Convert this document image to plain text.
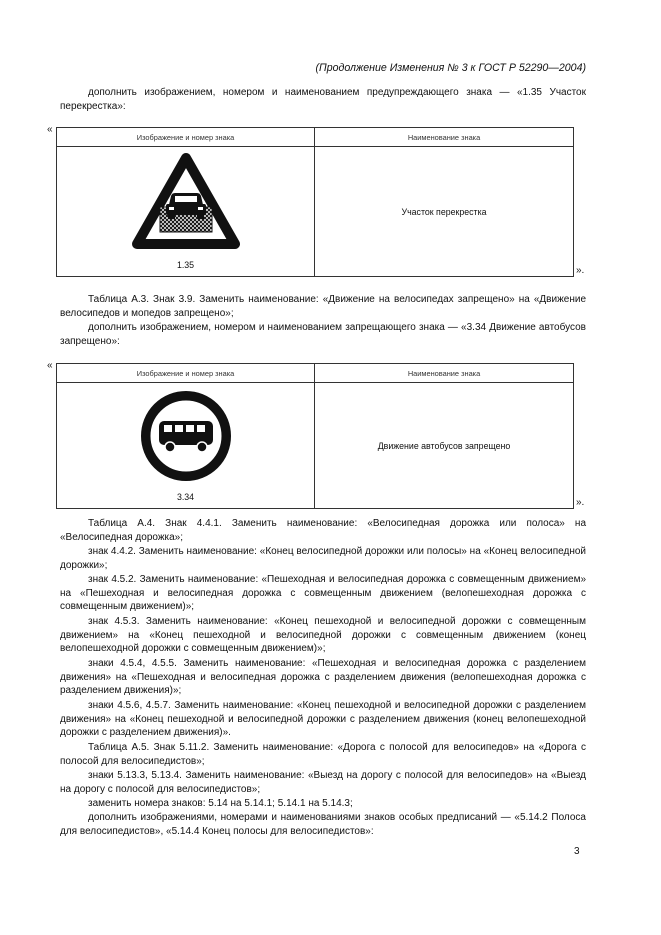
(Продолжение Изменения № 3 к ГОСТ Р 52290—2004)

дополнить изображением, номером и наименованием предупреждающего знака — «1.35 Участок перекрестка»:

«
Изображение и номер знака	Наименование знака

1.35	Участок перекрестка
».

Таблица А.3. Знак 3.9. Заменить наименование: «Движение на велосипедах запрещено» на «Движение велосипедов и мопедов запрещено»;

дополнить изображением, номером и наименованием запрещающего знака — «3.34 Движение автобусов запрещено»:

«
Изображение и номер знака	Наименование знака

3.34	Движение автобусов запрещено
».

Таблица А.4. Знак 4.4.1. Заменить наименование: «Велосипедная дорожка или полоса» на «Велосипедная дорожка»;

знак 4.4.2. Заменить наименование: «Конец велосипедной дорожки или полосы» на «Конец велосипедной дорожки»;

знак 4.5.2. Заменить наименование: «Пешеходная и велосипедная дорожка с совмещенным движением» на «Пешеходная и велосипедная дорожка с совмещенным движением (велопешеходная дорожка с совмещенным движением)»;

знак 4.5.3. Заменить наименование: «Конец пешеходной и велосипедной дорожки с совмещенным движением» на «Конец пешеходной и велосипедной дорожки с совмещенным движением (конец велопешеходной дорожки с совмещенным движением)»;

знаки 4.5.4, 4.5.5. Заменить наименование: «Пешеходная и велосипедная дорожка с разделением движения» на «Пешеходная и велосипедная дорожка с разделением движения (велопешеходная дорожка с разделением движения)»;

знаки 4.5.6, 4.5.7. Заменить наименование: «Конец пешеходной и велосипедной дорожки с разделением движения» на «Конец пешеходной и велосипедной дорожки с разделением движения (конец велопешеходной дорожки с разделением движения)».

Таблица А.5. Знак 5.11.2. Заменить наименование: «Дорога с полосой для велосипедов» на «Дорога с полосой для велосипедистов»;

знаки 5.13.3, 5.13.4. Заменить наименование: «Выезд на дорогу с полосой для велосипедов» на «Выезд на дорогу с полосой для велосипедистов»;

заменить номера знаков: 5.14 на 5.14.1; 5.14.1 на 5.14.3;

дополнить изображениями, номерами и наименованиями знаков особых предписаний — «5.14.2 Полоса для велосипедистов», «5.14.4 Конец полосы для велосипедистов»:

3
